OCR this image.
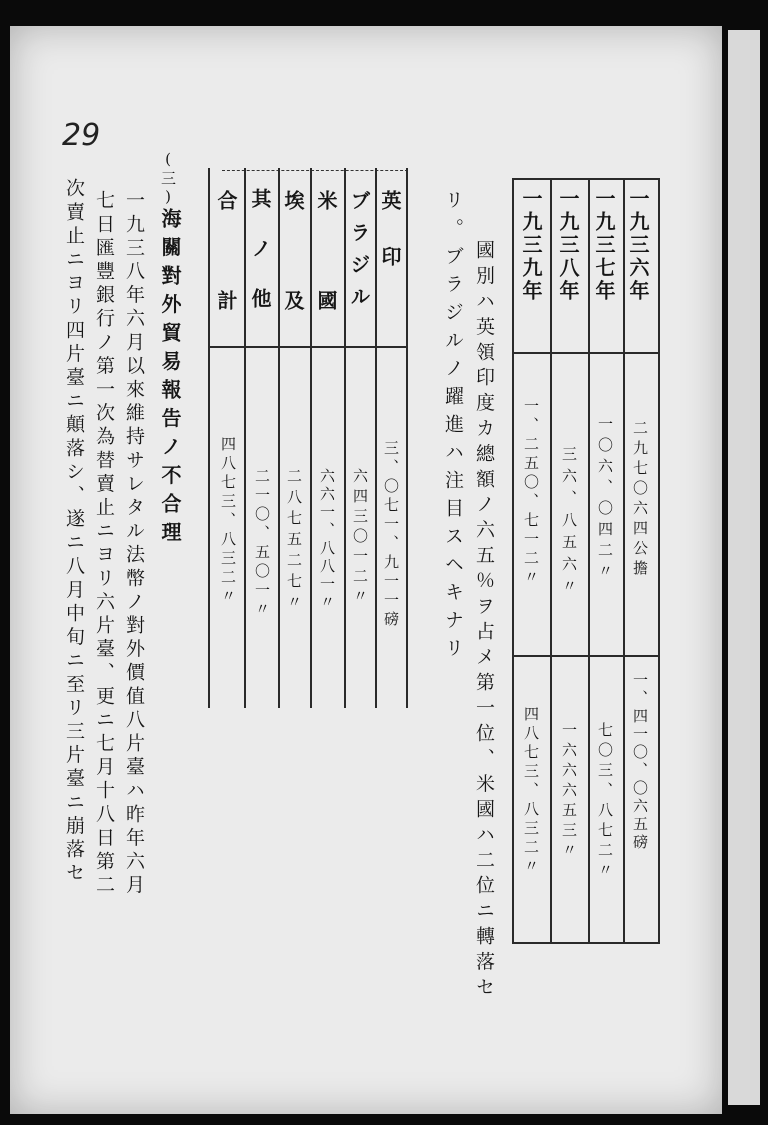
29
一九三六年
一九三七年
一九三八年
一九三九年
二九七〇六四公擔
一〇六、〇四二〃
三六、八五六〃
一、二五〇、七一二〃
一、四一〇、〇六五磅
七〇三、八七二〃
一六六六五三〃
四八七三、八三二〃
國別ハ英領印度カ總額ノ六五％ヲ占メ第一位、米國ハ二位ニ轉落セ
リ。ブラジルノ躍進ハ注目スヘキナリ
英印
ブラジル
米國
埃及
其ノ他
合計
三、〇七一、九一一磅
六四三〇一二〃
六六一、八八一〃
二八七五二七〃
二一〇、五〇一〃
四八七三、八三二〃
(三)
海關對外貿易報告ノ不合理
一九三八年六月以來維持サレタル法幣ノ對外價值八片臺ハ昨年六月
七日匯豐銀行ノ第一次為替賣止ニヨリ六片臺、更ニ七月十八日第二
次賣止ニヨリ四片臺ニ顛落シ、遂ニ八月中旬ニ至リ三片臺ニ崩落セ
